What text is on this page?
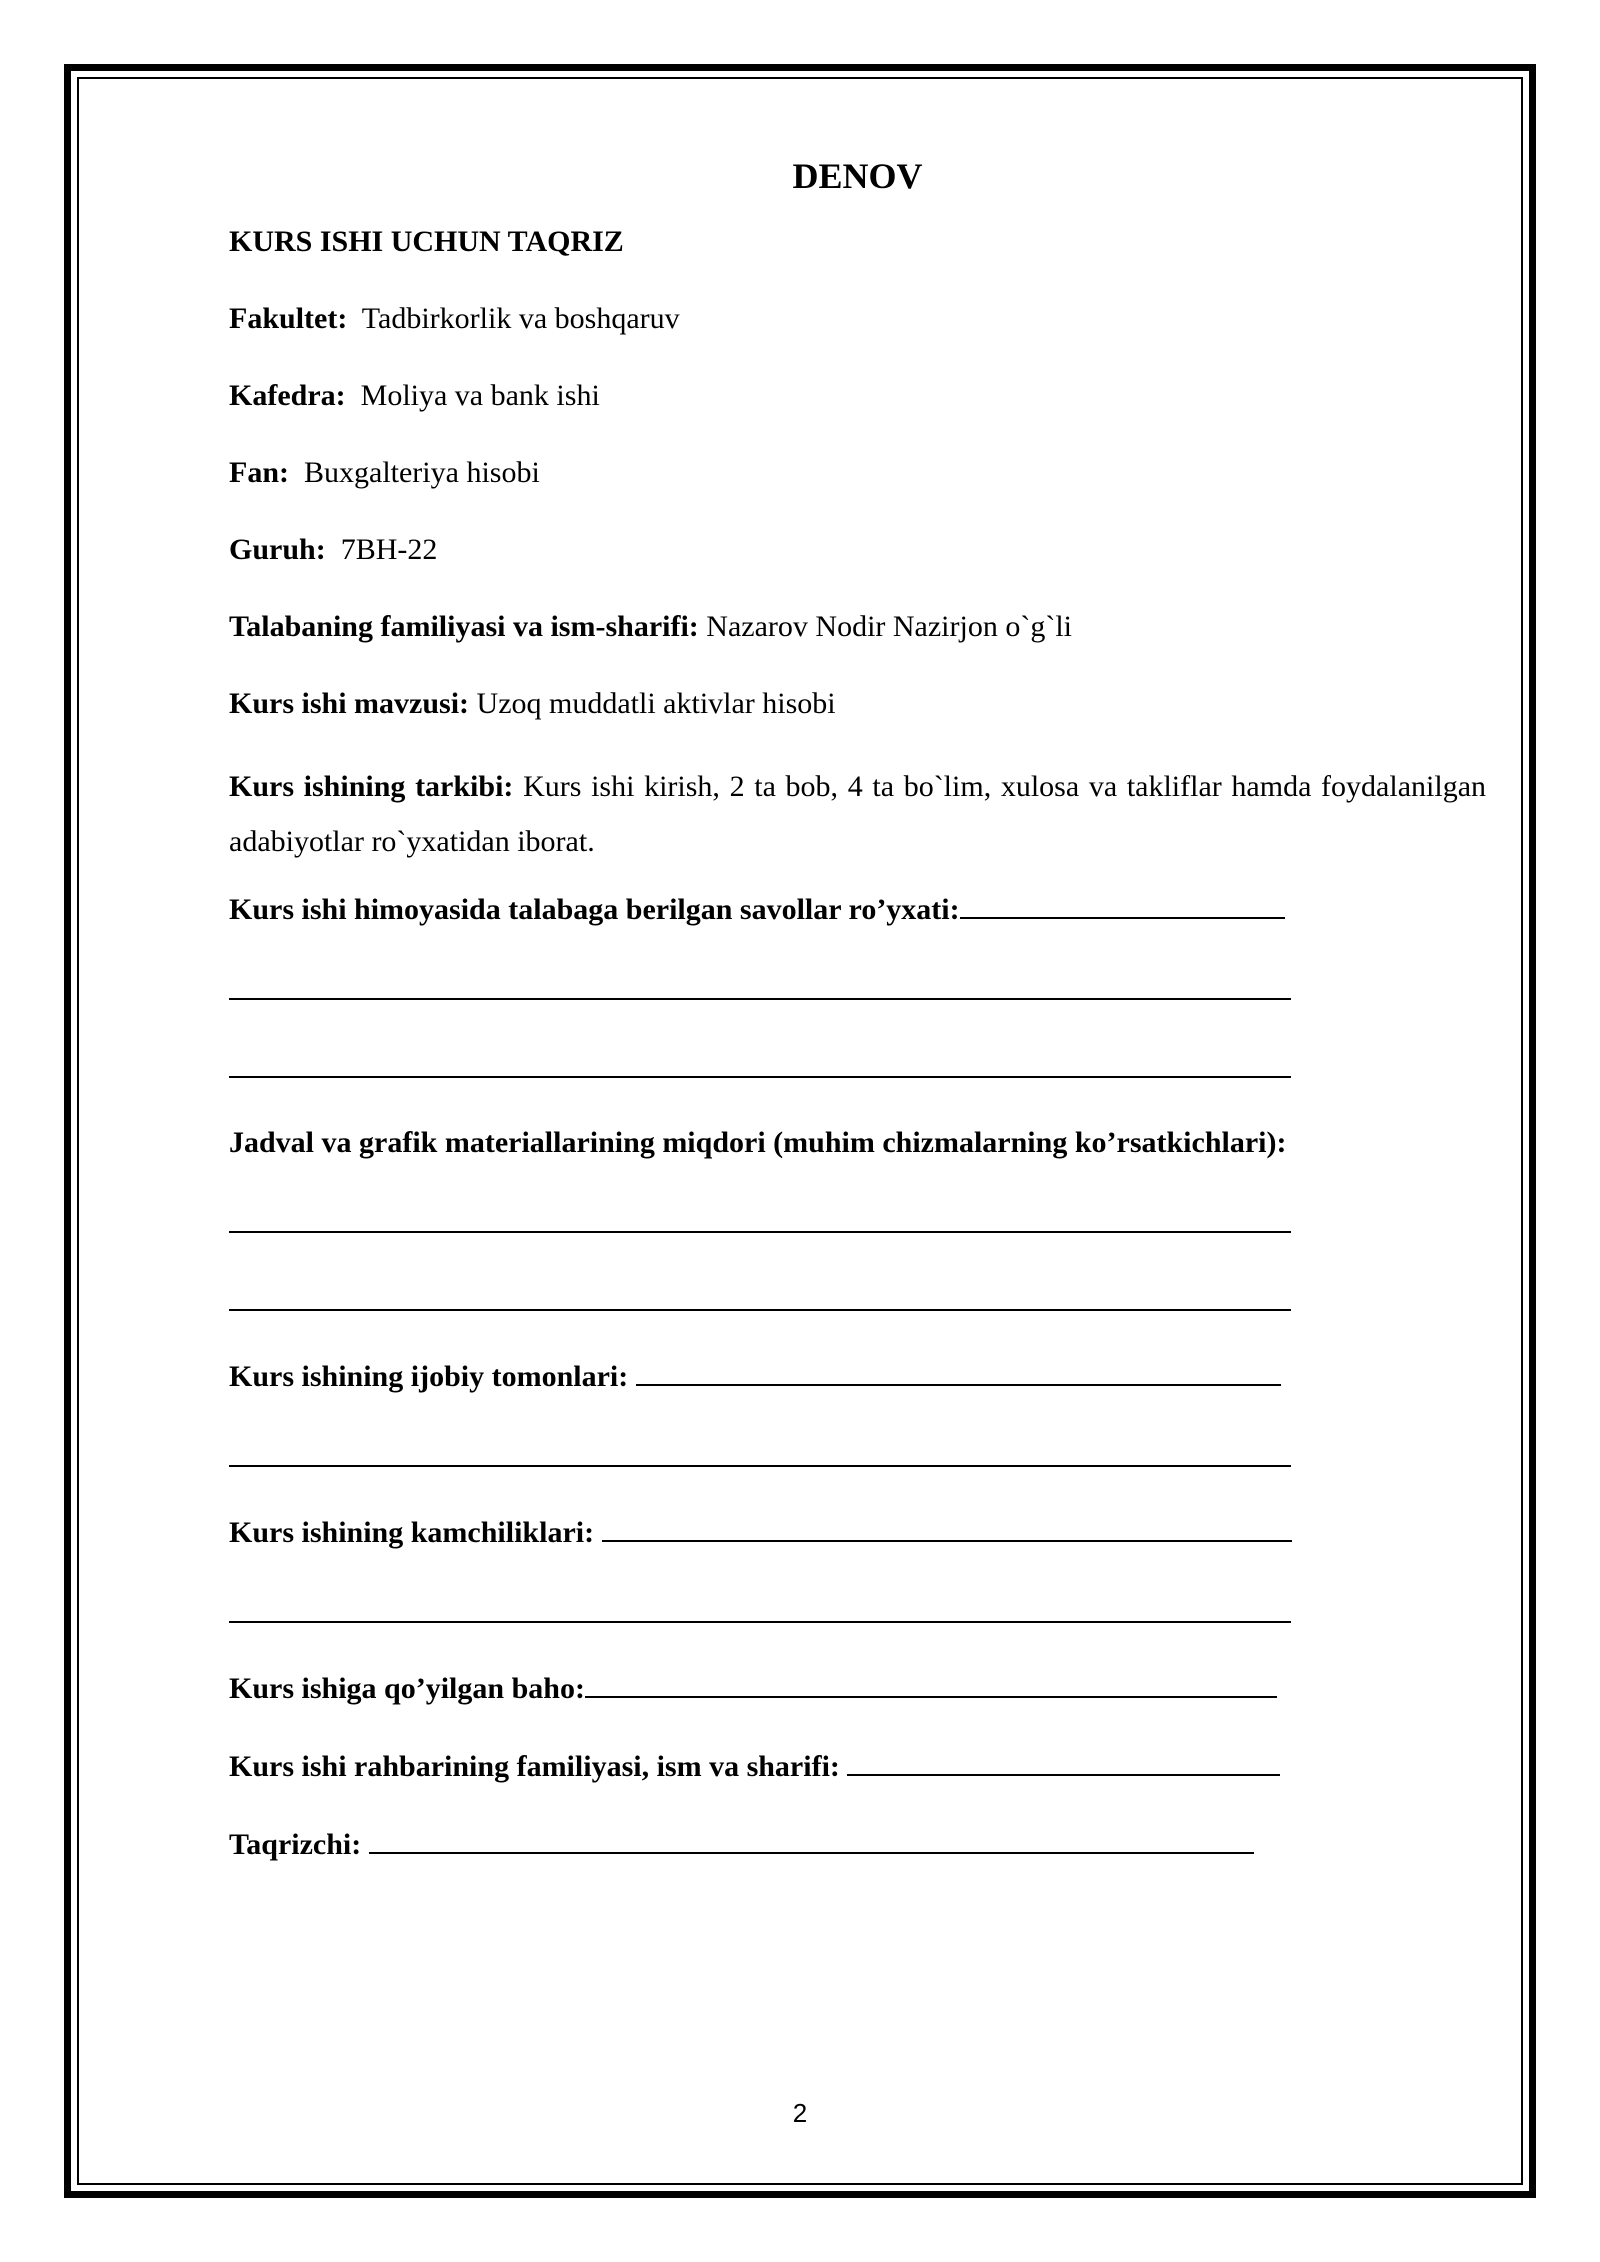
DENOV
KURS ISHI UCHUN TAQRIZ
Fakultet: Tadbirkorlik va boshqaruv
Kafedra: Moliya va bank ishi
Fan: Buxgalteriya hisobi
Guruh: 7BH-22
Talabaning familiyasi va ism-sharifi: Nazarov Nodir Nazirjon o`g`li
Kurs ishi mavzusi: Uzoq muddatli aktivlar hisobi
Kurs ishining tarkibi: Kurs ishi kirish, 2 ta bob, 4 ta bo`lim, xulosa va takliflar hamda foydalanilgan adabiyotlar ro`yxatidan iborat.
Kurs ishi himoyasida talabaga berilgan savollar ro’yxati:
Jadval va grafik materiallarining miqdori (muhim chizmalarning ko’rsatkichlari):
Kurs ishining ijobiy tomonlari:
Kurs ishining kamchiliklari:
Kurs ishiga qo’yilgan baho:
Kurs ishi rahbarining familiyasi, ism va sharifi:
Taqrizchi:
2
